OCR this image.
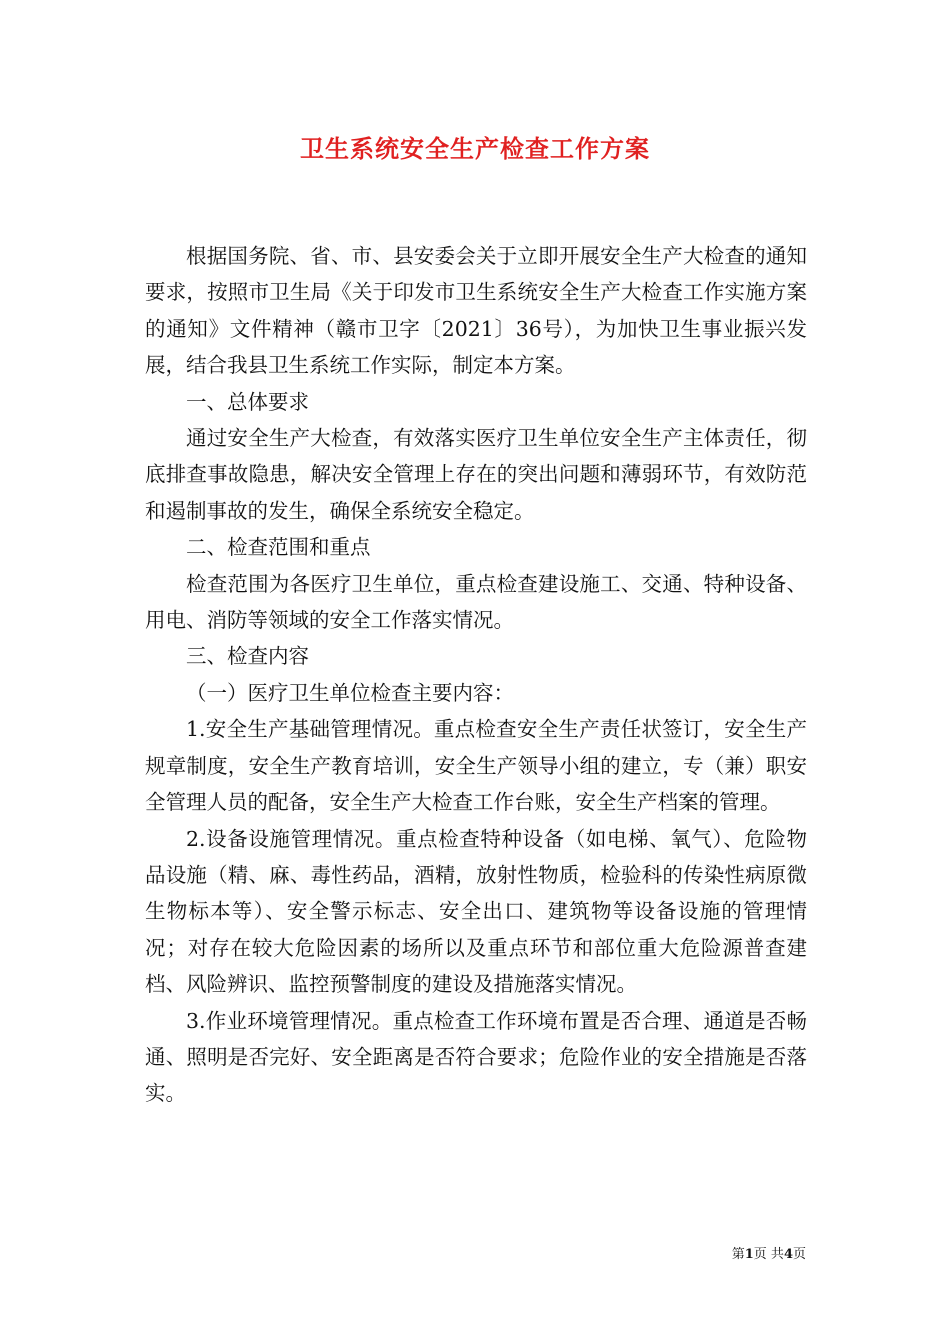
卫生系统安全生产检查工作方案

根据国务院、省、市、县安委会关于立即开展安全生产大检查的通知要求，按照市卫生局《关于印发市卫生系统安全生产大检查工作实施方案的通知》文件精神（赣市卫字〔2021〕36号），为加快卫生事业振兴发展，结合我县卫生系统工作实际，制定本方案。

一、总体要求

通过安全生产大检查，有效落实医疗卫生单位安全生产主体责任，彻底排查事故隐患，解决安全管理上存在的突出问题和薄弱环节，有效防范和遏制事故的发生，确保全系统安全稳定。

二、检查范围和重点

检查范围为各医疗卫生单位，重点检查建设施工、交通、特种设备、用电、消防等领域的安全工作落实情况。

三、检查内容

（一）医疗卫生单位检查主要内容：

1.安全生产基础管理情况。重点检查安全生产责任状签订，安全生产规章制度，安全生产教育培训，安全生产领导小组的建立，专（兼）职安全管理人员的配备，安全生产大检查工作台账，安全生产档案的管理。

2.设备设施管理情况。重点检查特种设备（如电梯、氧气）、危险物品设施（精、麻、毒性药品，酒精，放射性物质，检验科的传染性病原微生物标本等）、安全警示标志、安全出口、建筑物等设备设施的管理情况；对存在较大危险因素的场所以及重点环节和部位重大危险源普查建档、风险辨识、监控预警制度的建设及措施落实情况。

3.作业环境管理情况。重点检查工作环境布置是否合理、通道是否畅通、照明是否完好、安全距离是否符合要求；危险作业的安全措施是否落实。

第1页 共4页
